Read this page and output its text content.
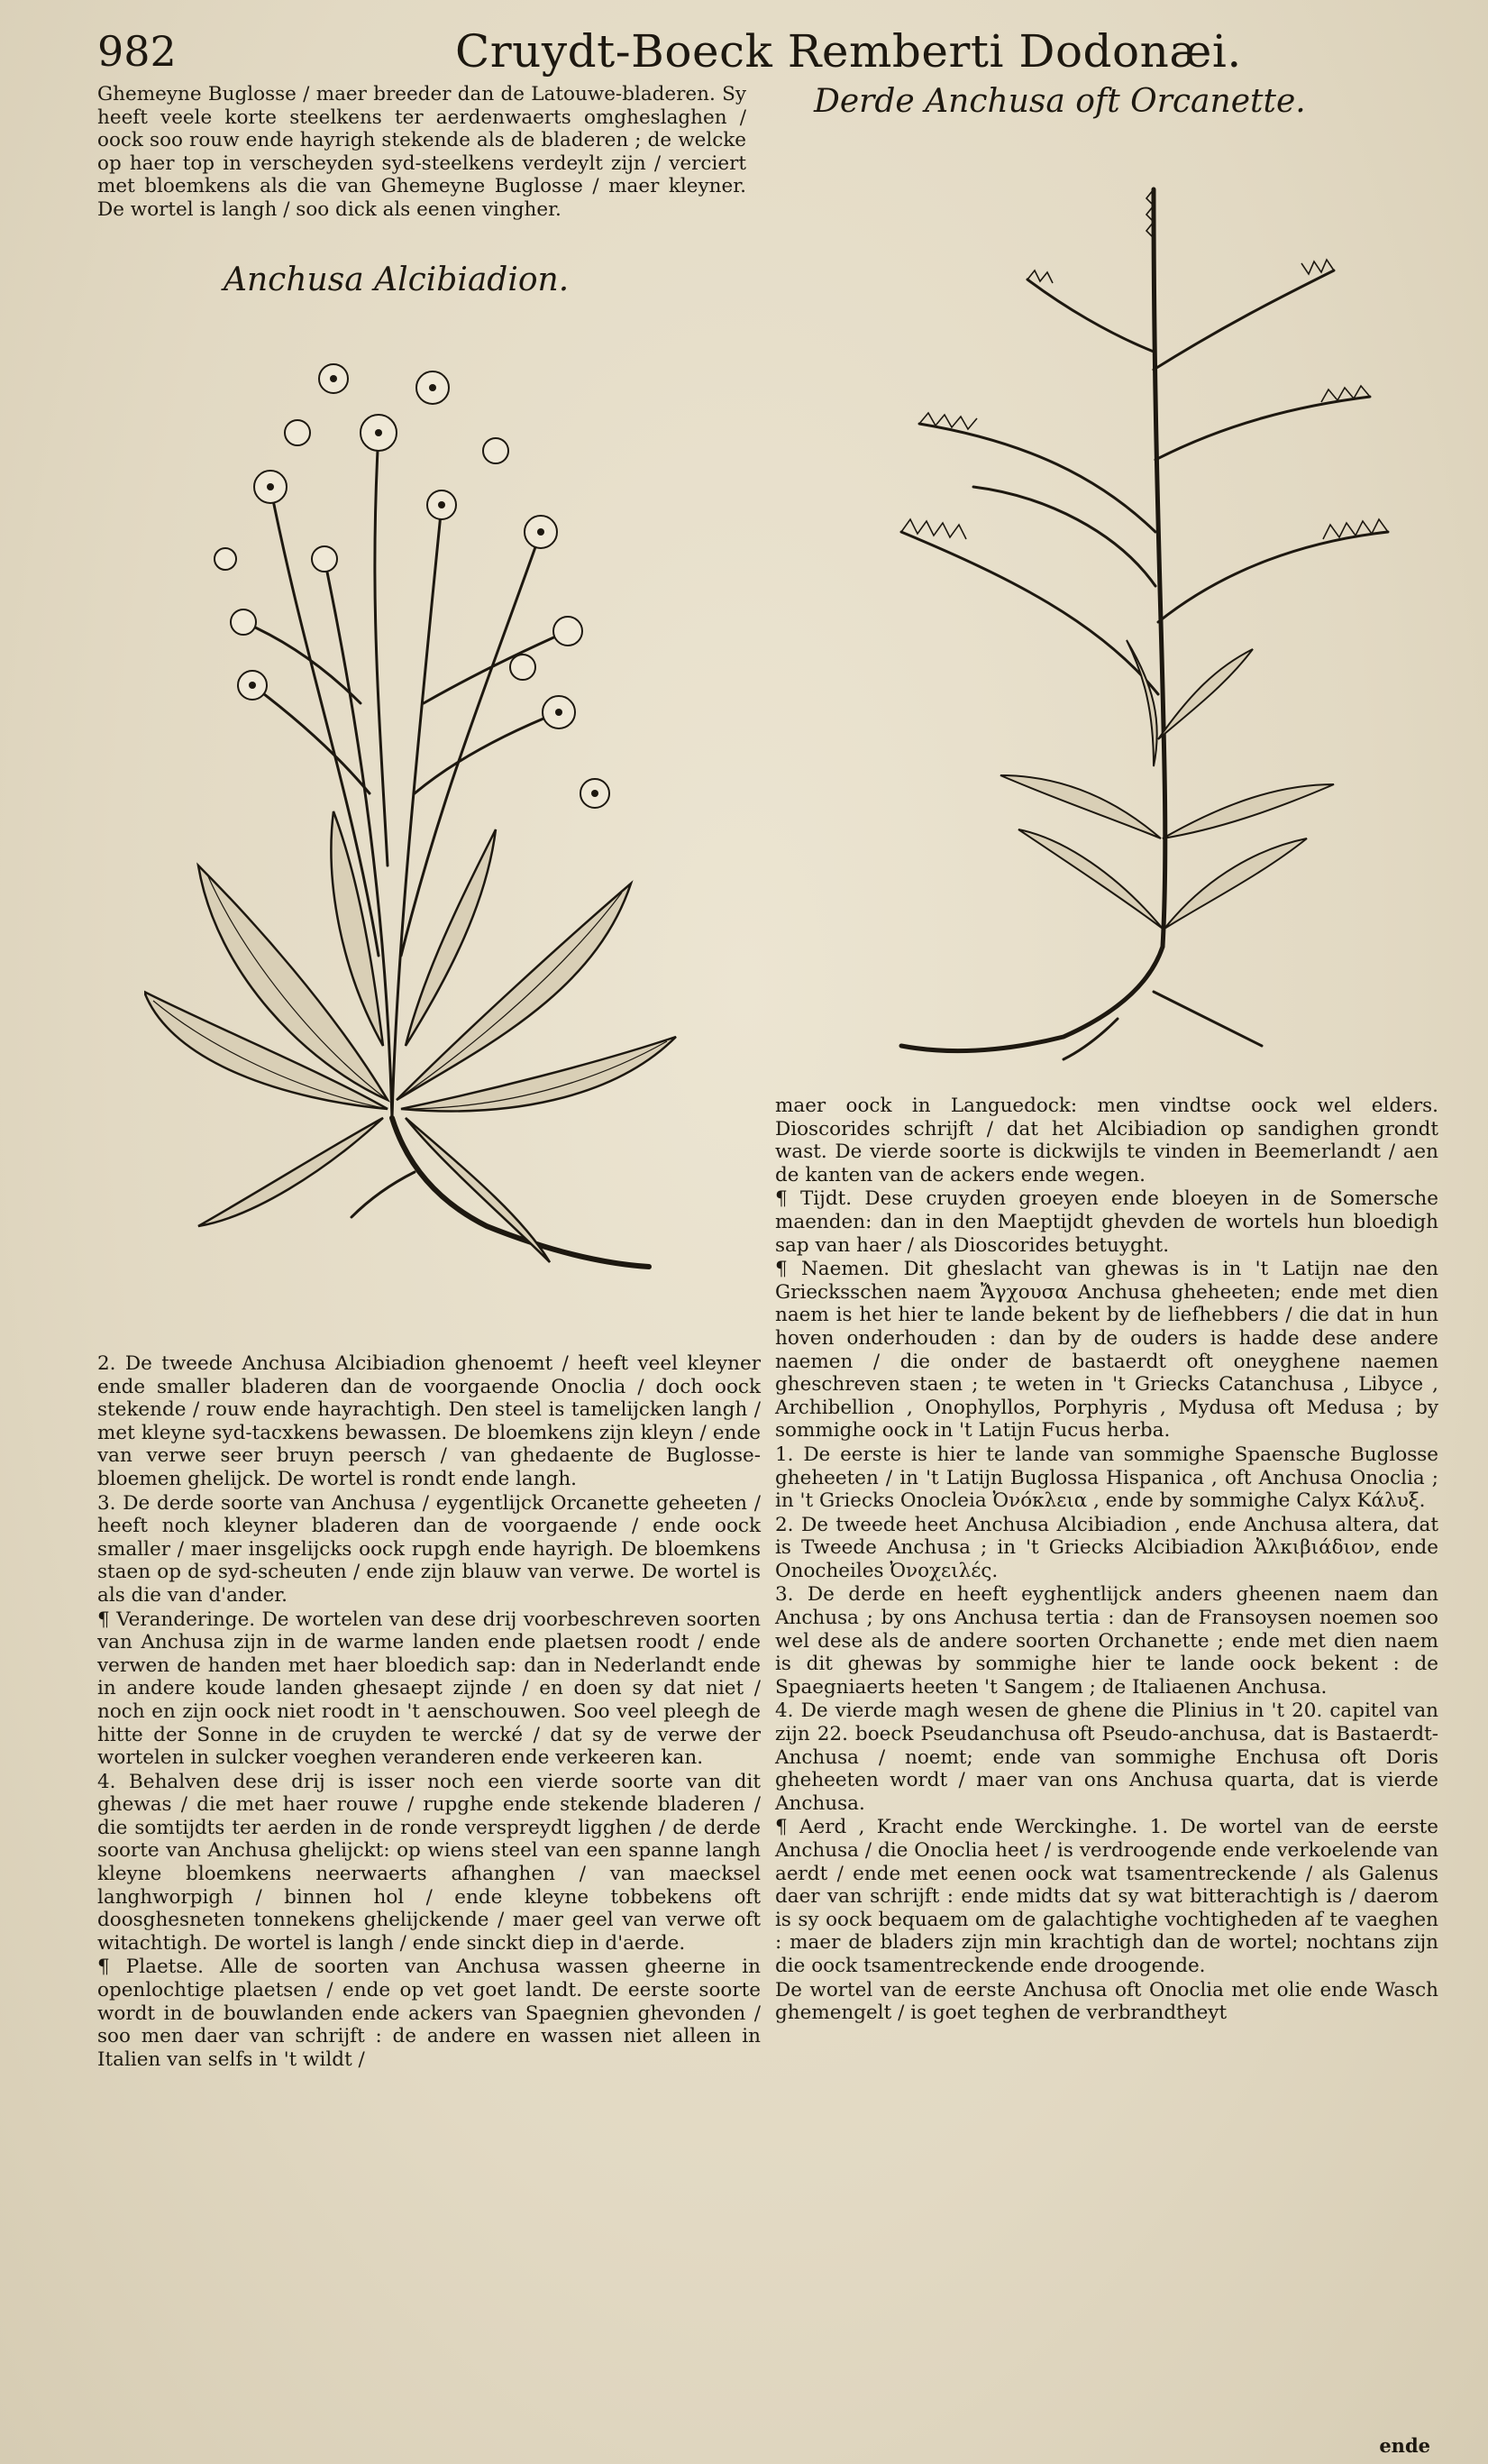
982	Cruydt-Boeck Remberti Dodonæi.

Ghemeyne Buglosse / maer breeder dan de Latouwe-bladeren. Sy heeft veele korte steelkens ter aerdenwaerts omgheslaghen / oock soo rouw ende hayrigh stekende als de bladeren ; de welcke op haer top in verscheyden syd-steelkens verdeylt zijn / verciert met bloemkens als die van Ghemeyne Buglosse / maer kleyner. De wortel is langh / soo dick als eenen vingher.

Anchusa Alcibiadion.
Derde Anchusa oft Orcanette.

2. De tweede Anchusa Alcibiadion ghenoemt / heeft veel kleyner ende smaller bladeren dan de voorgaende Onoclia / doch oock stekende / rouw ende hayrachtigh. Den steel is tamelijcken langh / met kleyne syd-tacxkens bewassen. De bloemkens zijn kleyn / ende van verwe seer bruyn peersch / van ghedaente de Buglosse-bloemen ghelijck. De wortel is rondt ende langh.

3. De derde soorte van Anchusa / eygentlijck Orcanette geheeten / heeft noch kleyner bladeren dan de voorgaende / ende oock smaller / maer insgelijcks oock rupgh ende hayrigh. De bloemkens staen op de syd-scheuten / ende zijn blauw van verwe. De wortel is als die van d'ander.

¶ Veranderinge. De wortelen van dese drij voorbeschreven soorten van Anchusa zijn in de warme landen ende plaetsen roodt / ende verwen de handen met haer bloedich sap: dan in Nederlandt ende in andere koude landen ghesaept zijnde / en doen sy dat niet / noch en zijn oock niet roodt in 't aenschouwen. Soo veel pleegh de hitte der Sonne in de cruyden te wercké / dat sy de verwe der wortelen in sulcker voeghen veranderen ende verkeeren kan.

4. Behalven dese drij is isser noch een vierde soorte van dit ghewas / die met haer rouwe / rupghe ende stekende bladeren / die somtijdts ter aerden in de ronde verspreydt ligghen / de derde soorte van Anchusa ghelijckt: op wiens steel van een spanne langh kleyne bloemkens neerwaerts afhanghen / van maecksel langhworpigh / binnen hol / ende kleyne tobbekens oft doosghesneten tonnekens ghelijckende / maer geel van verwe oft witachtigh. De wortel is langh / ende sinckt diep in d'aerde.

¶ Plaetse. Alle de soorten van Anchusa wassen gheerne in openlochtige plaetsen / ende op vet goet landt. De eerste soorte wordt in de bouwlanden ende ackers van Spaegnien ghevonden / soo men daer van schrijft : de andere en wassen niet alleen in Italien van selfs in 't wildt /

maer oock in Languedock: men vindtse oock wel elders. Dioscorides schrijft / dat het Alcibiadion op sandighen grondt wast. De vierde soorte is dickwijls te vinden in Beemerlandt / aen de kanten van de ackers ende wegen.

¶ Tijdt. Dese cruyden groeyen ende bloeyen in de Somersche maenden: dan in den Maeptijdt ghevden de wortels hun bloedigh sap van haer / als Dioscorides betuyght.

¶ Naemen. Dit gheslacht van ghewas is in 't Latijn nae den Griecksschen naem Ἄγχουσα Anchusa gheheeten; ende met dien naem is het hier te lande bekent by de liefhebbers / die dat in hun hoven onderhouden : dan by de ouders is hadde dese andere naemen / die onder de bastaerdt oft oneyghene naemen gheschreven staen ; te weten in 't Griecks Catanchusa , Libyce , Archibellion , Onophyllos, Porphyris , Mydusa oft Medusa ; by sommighe oock in 't Latijn Fucus herba.

1. De eerste is hier te lande van sommighe Spaensche Buglosse gheheeten / in 't Latijn Buglossa Hispanica , oft Anchusa Onoclia ; in 't Griecks Onocleia Ὀνόκλεια , ende by sommighe Calyx Κάλυξ.

2. De tweede heet Anchusa Alcibiadion , ende Anchusa altera, dat is Tweede Anchusa ; in 't Griecks Alcibiadion Ἀλκιβιάδιον, ende Onocheiles Ὀνοχειλές.

3. De derde en heeft eyghentlijck anders gheenen naem dan Anchusa ; by ons Anchusa tertia : dan de Fransoysen noemen soo wel dese als de andere soorten Orchanette ; ende met dien naem is dit ghewas by sommighe hier te lande oock bekent : de Spaegniaerts heeten 't Sangem ; de Italiaenen Anchusa.

4. De vierde magh wesen de ghene die Plinius in 't 20. capitel van zijn 22. boeck Pseudanchusa oft Pseudo-anchusa, dat is Bastaerdt-Anchusa / noemt; ende van sommighe Enchusa oft Doris gheheeten wordt / maer van ons Anchusa quarta, dat is vierde Anchusa.

¶ Aerd , Kracht ende Werckinghe. 1. De wortel van de eerste Anchusa / die Onoclia heet / is verdroogende ende verkoelende van aerdt / ende met eenen oock wat tsamentreckende / als Galenus daer van schrijft : ende midts dat sy wat bitterachtigh is / daerom is sy oock bequaem om de galachtighe vochtigheden af te vaeghen : maer de bladers zijn min krachtigh dan de wortel; nochtans zijn die oock tsamentreckende ende droogende.

De wortel van de eerste Anchusa oft Onoclia met olie ende Wasch ghemengelt / is goet teghen de verbrandtheyt

ende
